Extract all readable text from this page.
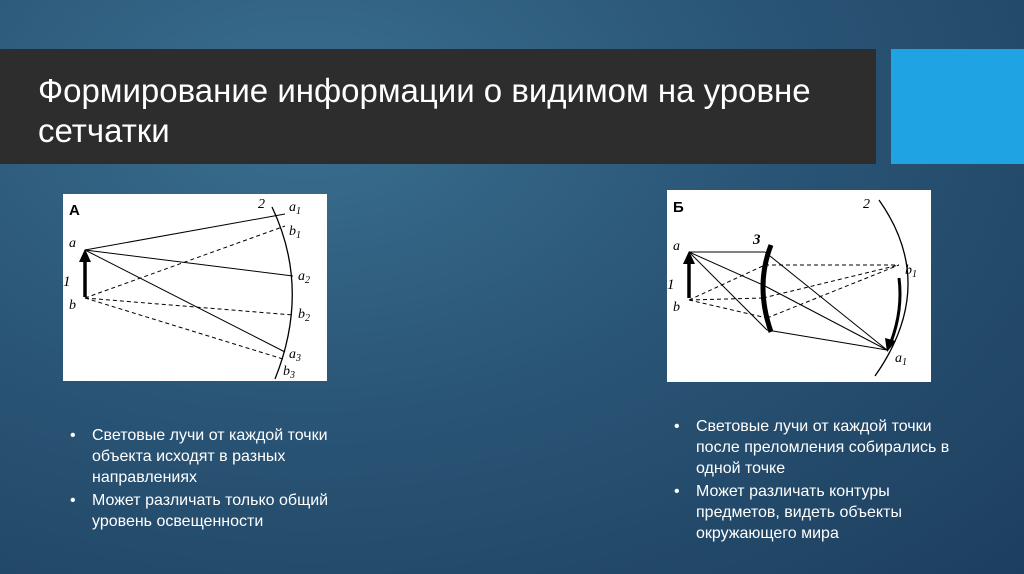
Формирование информации о видимом на уровне сетчатки
А	2
1
a
b
$a_1$
$b_1$
$a_2$
$b_2$
$a_3$
$b_3$
Б	2
3
1
a
b
$b_1$
$a_1$
• Световые лучи от каждой точки объекта исходят в разных направлениях
• Может различать только общий уровень освещенности
• Световые лучи от каждой точки после преломления собирались в одной точке
• Может различать контуры предметов, видеть объекты окружающего мира
